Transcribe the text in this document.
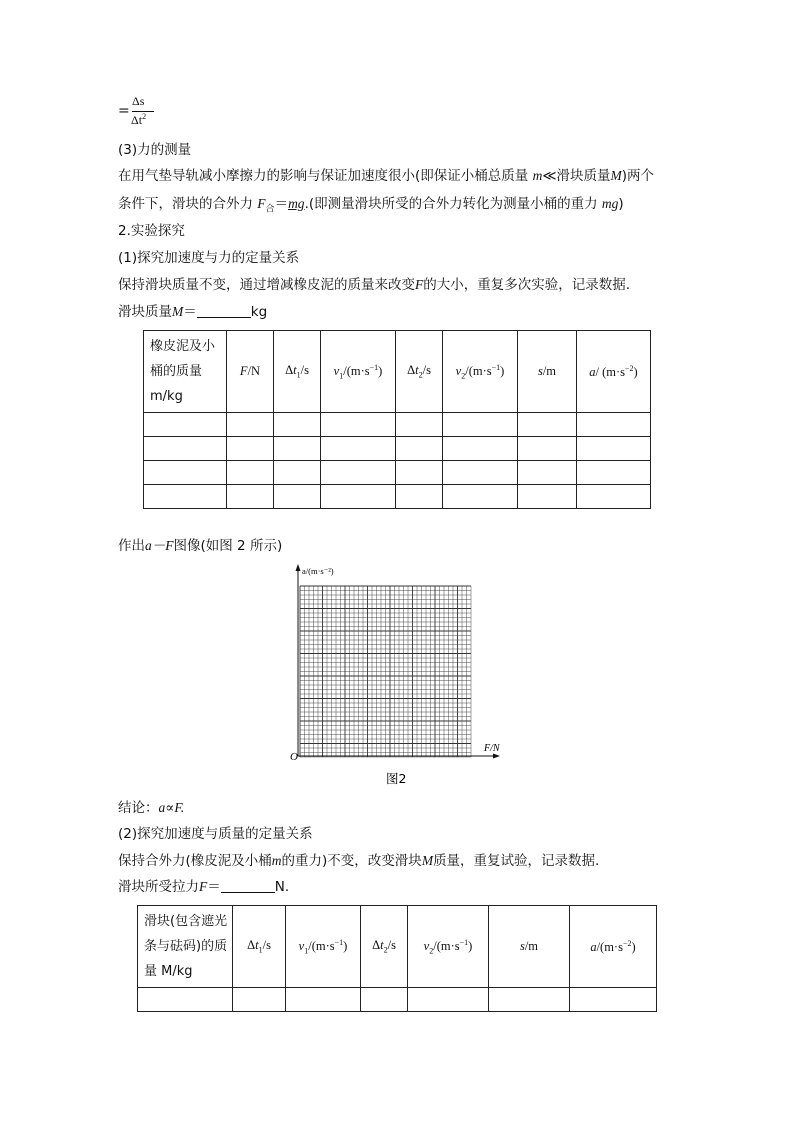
=
Δs
$\Delta t^2$
(3)力的测量
在用气垫导轨减小摩擦力的影响与保证加速度很小(即保证小桶总质量 m≪滑块质量M)两个
条件下，滑块的合外力 $F_合=mg$.(即测量滑块所受的合外力转化为测量小桶的重力 mg)
2.实验探究
(1)探究加速度与力的定量关系
保持滑块质量不变，通过增减橡皮泥的质量来改变F的大小，重复多次实验，记录数据.
滑块质量M＝	kg
橡皮泥及小桶的质量 m/kg	F/N	$\Delta t_1/s$	$v_1/(m\cdot s^{-1})$	$\Delta t_2/s$	$v_2/(m\cdot s^{-1})$	s/m	a/ $(m\cdot s^{-2})$

作出a－F图像(如图 2 所示)
a/(m·s⁻²)
F/N
O
图2
结论：a∝F.
(2)探究加速度与质量的定量关系
保持合外力(橡皮泥及小桶m的重力)不变，改变滑块M质量，重复试验，记录数据.
滑块所受拉力F＝	N.
滑块(包含遮光条与砝码)的质量 M/kg	$\Delta t_1/s$	$v_1/(m\cdot s^{-1})$	$\Delta t_2/s$	$v_2/(m\cdot s^{-1})$	s/m	$a/(m\cdot s^{-2})$
